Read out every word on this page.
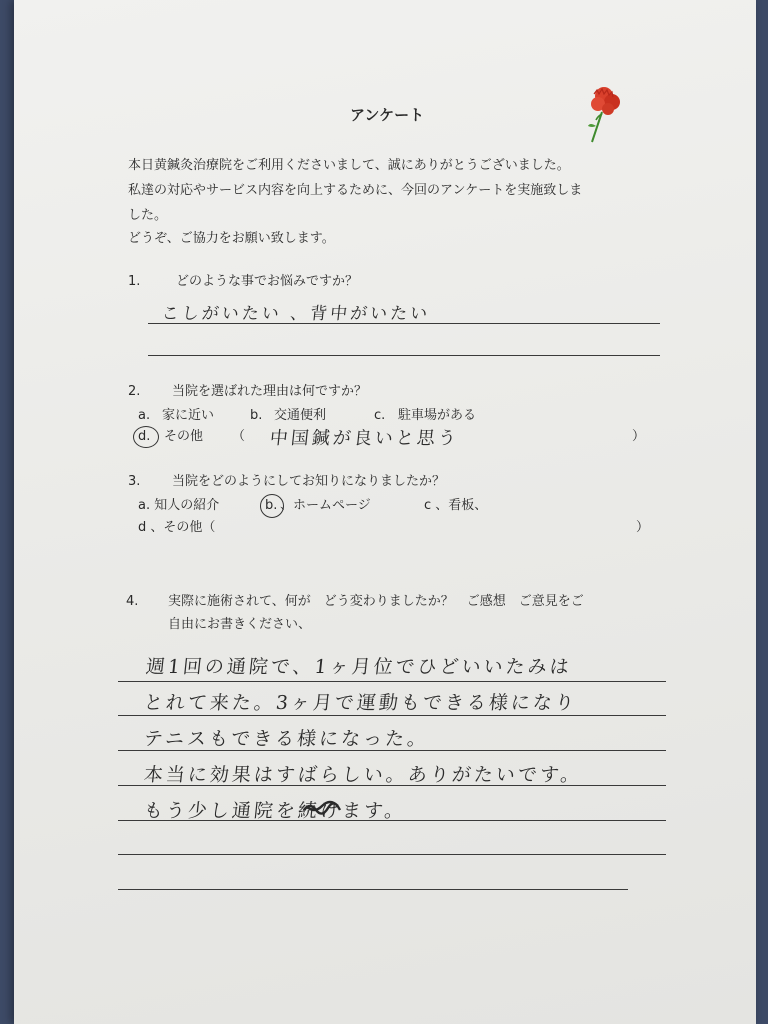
アンケート
本日黄鍼灸治療院をご利用くださいまして、誠にありがとうございました。
私達の対応やサービス内容を向上するために、今回のアンケートを実施致しま
した。
どうぞ、ご協力をお願い致します。
1.	どのような事でお悩みですか？
こしがいたい 、背中がいたい
2. 当院を選ばれた理由は何ですか？
a. 家に近い	b. 交通便利	c. 駐車場がある
d. その他 （ 中国鍼が良いと思う	）
3. 当院をどのようにしてお知りになりましたか？
a. 知人の紹介	b. 、ホームページ	c 、看板、
d 、その他（	）
4. 実際に施術されて、何が　どう変わりましたか？　ご感想　ご意見をご
自由にお書きください、
週1回の通院で、1ヶ月位でひどいいたみは
とれて来た。3ヶ月で運動もできる様になり
テニスもできる様になった。
本当に効果はすばらしい。ありがたいです。
もう少し通院を続けます。
